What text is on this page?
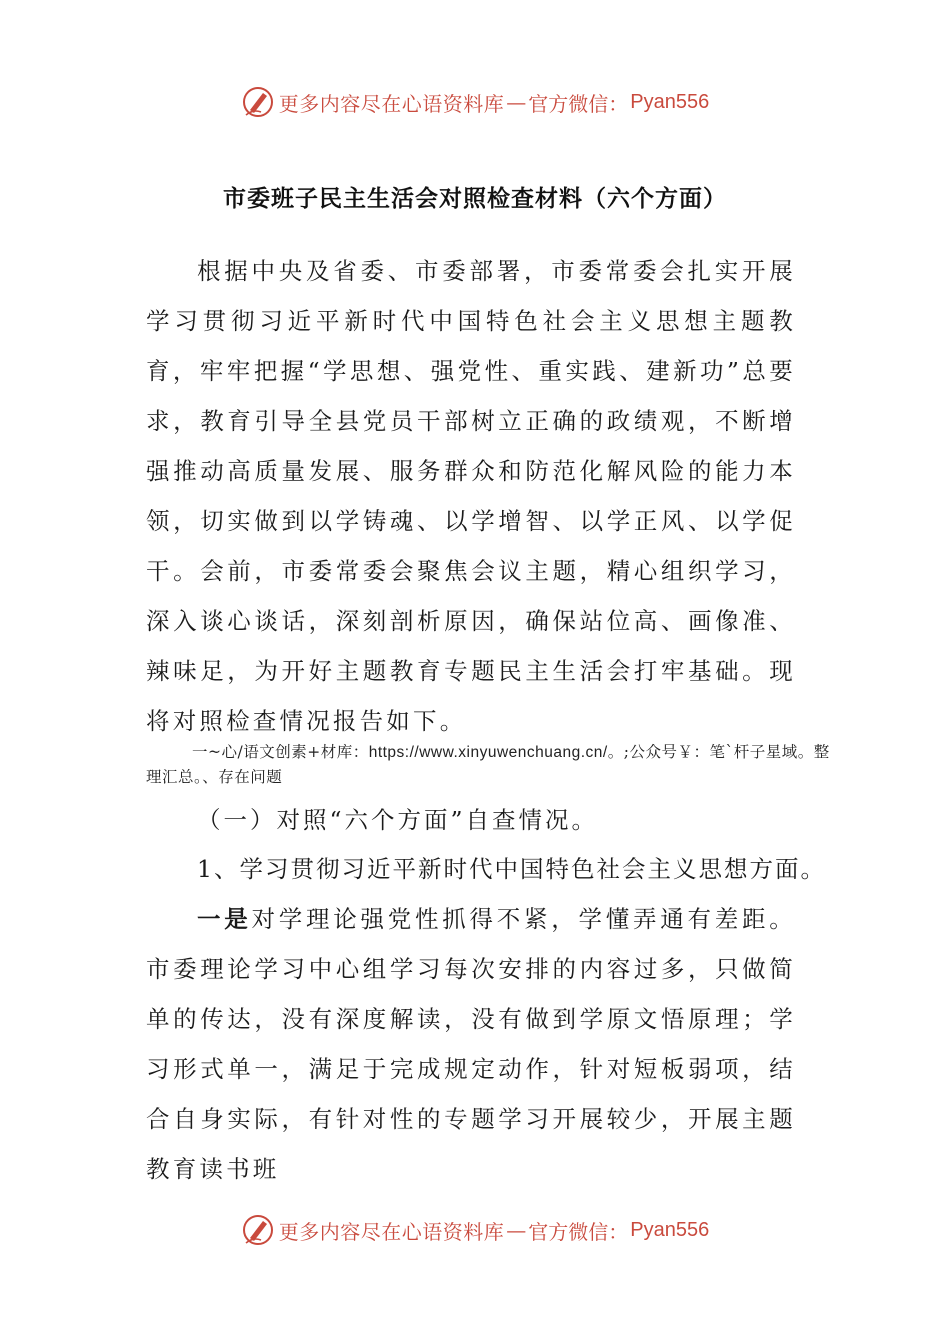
更多内容尽在心语资料库 — 官方微信： Pyan556
市委班子民主生活会对照检查材料（六个方面）
根据中央及省委、市委部署，市委常委会扎实开展学习贯彻习近平新时代中国特色社会主义思想主题教育，牢牢把握“学思想、强党性、重实践、建新功”总要求，教育引导全县党员干部树立正确的政绩观，不断增强推动高质量发展、服务群众和防范化解风险的能力本领，切实做到以学铸魂、以学增智、以学正风、以学促干。会前，市委常委会聚焦会议主题，精心组织学习，深入谈心谈话，深刻剖析原因，确保站位高、画像准、辣味足，为开好主题教育专题民主生活会打牢基础。现将对照检查情况报告如下。
一~心/语文创素+材库：https://www.xinyuwenchuang.cn/。;公众号￥：笔`杆子星域。整理汇总。、存在问题
（一）对照“六个方面”自查情况。
1、学习贯彻习近平新时代中国特色社会主义思想方面。
一是对学理论强党性抓得不紧，学懂弄通有差距。市委理论学习中心组学习每次安排的内容过多，只做简单的传达，没有深度解读，没有做到学原文悟原理；学习形式单一，满足于完成规定动作，针对短板弱项，结合自身实际，有针对性的专题学习开展较少，开展主题教育读书班
更多内容尽在心语资料库 — 官方微信： Pyan556
